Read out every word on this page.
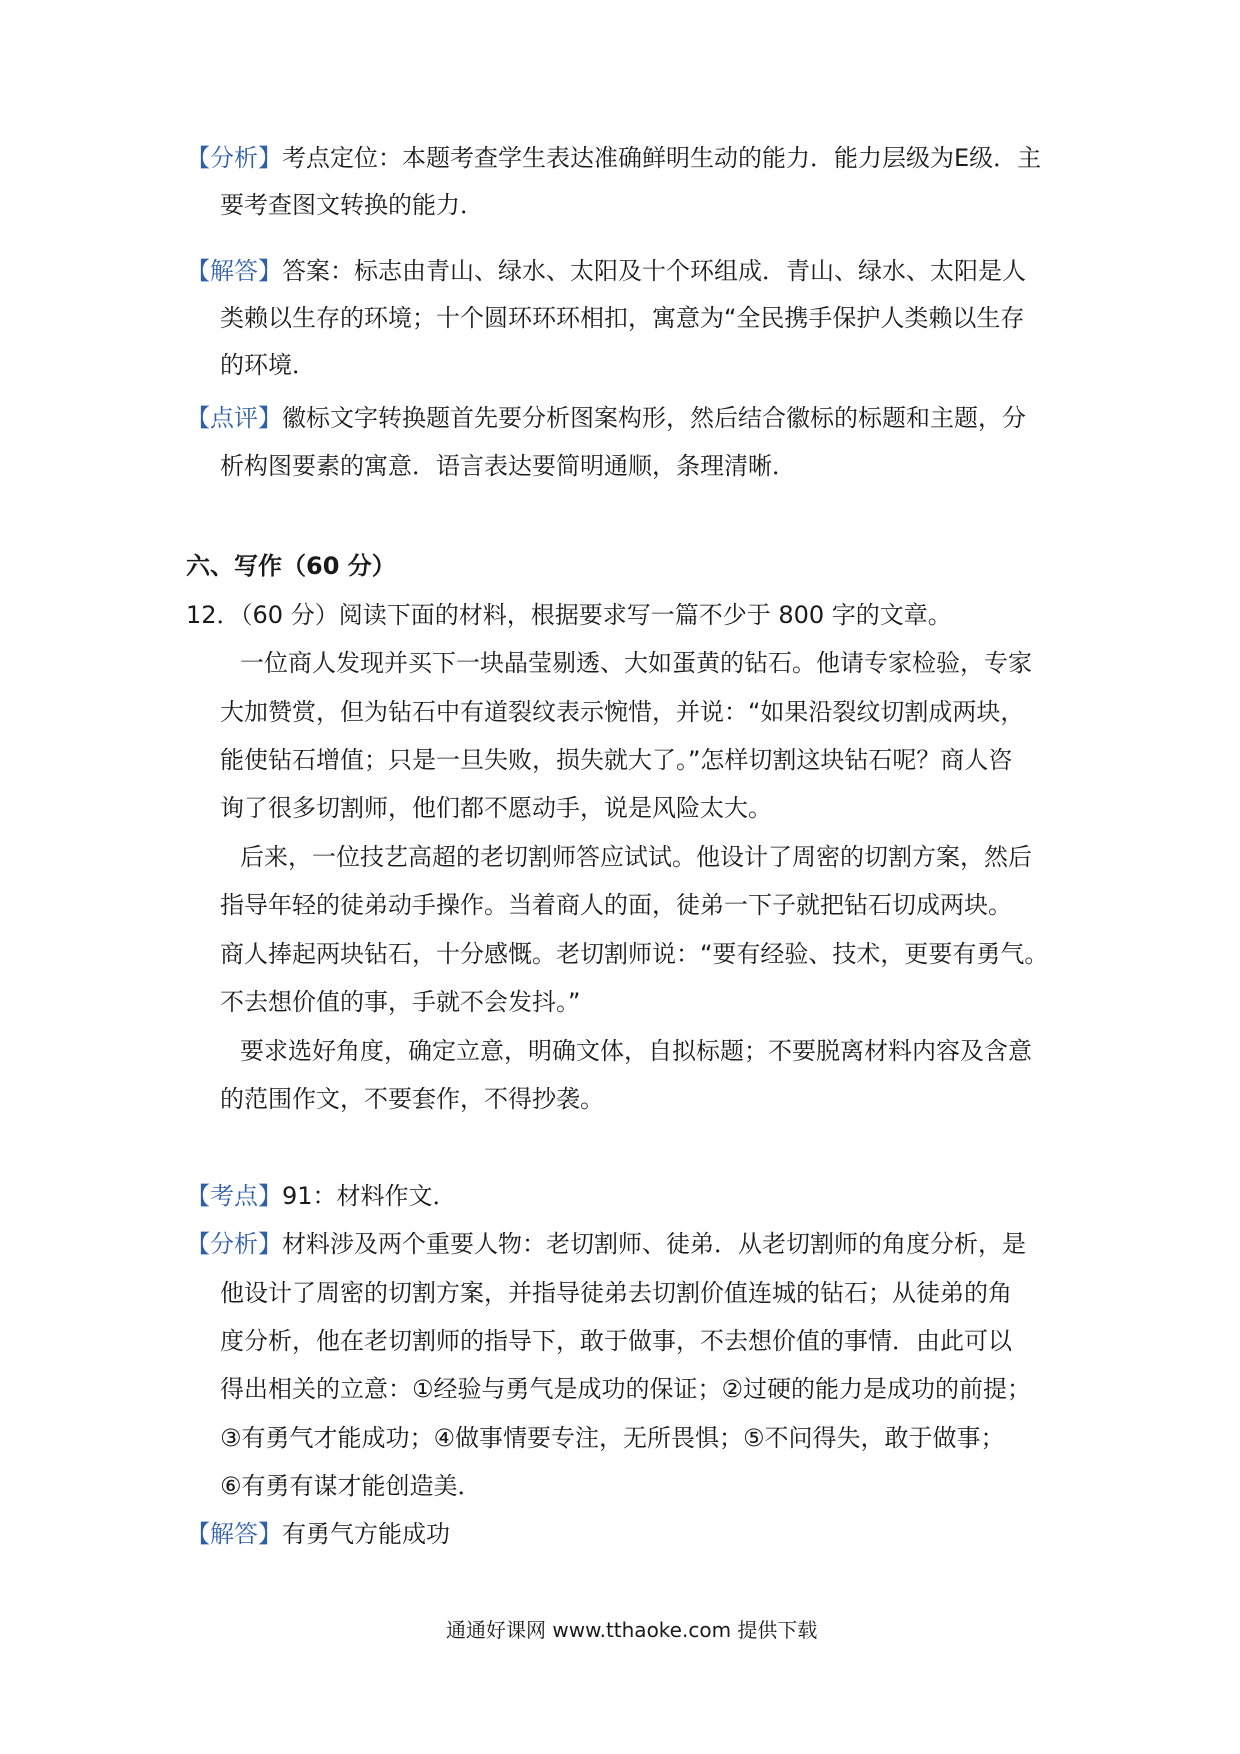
【分析】考点定位：本题考查学生表达准确鲜明生动的能力．能力层级为E级．主
要考查图文转换的能力．
【解答】答案：标志由青山、绿水、太阳及十个环组成．青山、绿水、太阳是人
类赖以生存的环境；十个圆环环环相扣，寓意为“全民携手保护人类赖以生存
的环境．
【点评】徽标文字转换题首先要分析图案构形，然后结合徽标的标题和主题，分
析构图要素的寓意．语言表达要简明通顺，条理清晰．
六、写作（60 分）
12．（60 分）阅读下面的材料，根据要求写一篇不少于 800 字的文章。
一位商人发现并买下一块晶莹剔透、大如蛋黄的钻石。他请专家检验，专家
大加赞赏，但为钻石中有道裂纹表示惋惜，并说：“如果沿裂纹切割成两块，
能使钻石增值；只是一旦失败，损失就大了。”怎样切割这块钻石呢？商人咨
询了很多切割师，他们都不愿动手，说是风险太大。
后来，一位技艺高超的老切割师答应试试。他设计了周密的切割方案，然后
指导年轻的徒弟动手操作。当着商人的面，徒弟一下子就把钻石切成两块。
商人捧起两块钻石，十分感慨。老切割师说：“要有经验、技术，更要有勇气。
不去想价值的事，手就不会发抖。”
要求选好角度，确定立意，明确文体，自拟标题；不要脱离材料内容及含意
的范围作文，不要套作，不得抄袭。
【考点】91：材料作文．
【分析】材料涉及两个重要人物：老切割师、徒弟．从老切割师的角度分析，是
他设计了周密的切割方案，并指导徒弟去切割价值连城的钻石；从徒弟的角
度分析，他在老切割师的指导下，敢于做事，不去想价值的事情．由此可以
得出相关的立意：①经验与勇气是成功的保证；②过硬的能力是成功的前提；
③有勇气才能成功；④做事情要专注，无所畏惧；⑤不问得失，敢于做事；
⑥有勇有谋才能创造美．
【解答】有勇气方能成功
通通好课网 www.tthaoke.com 提供下载
